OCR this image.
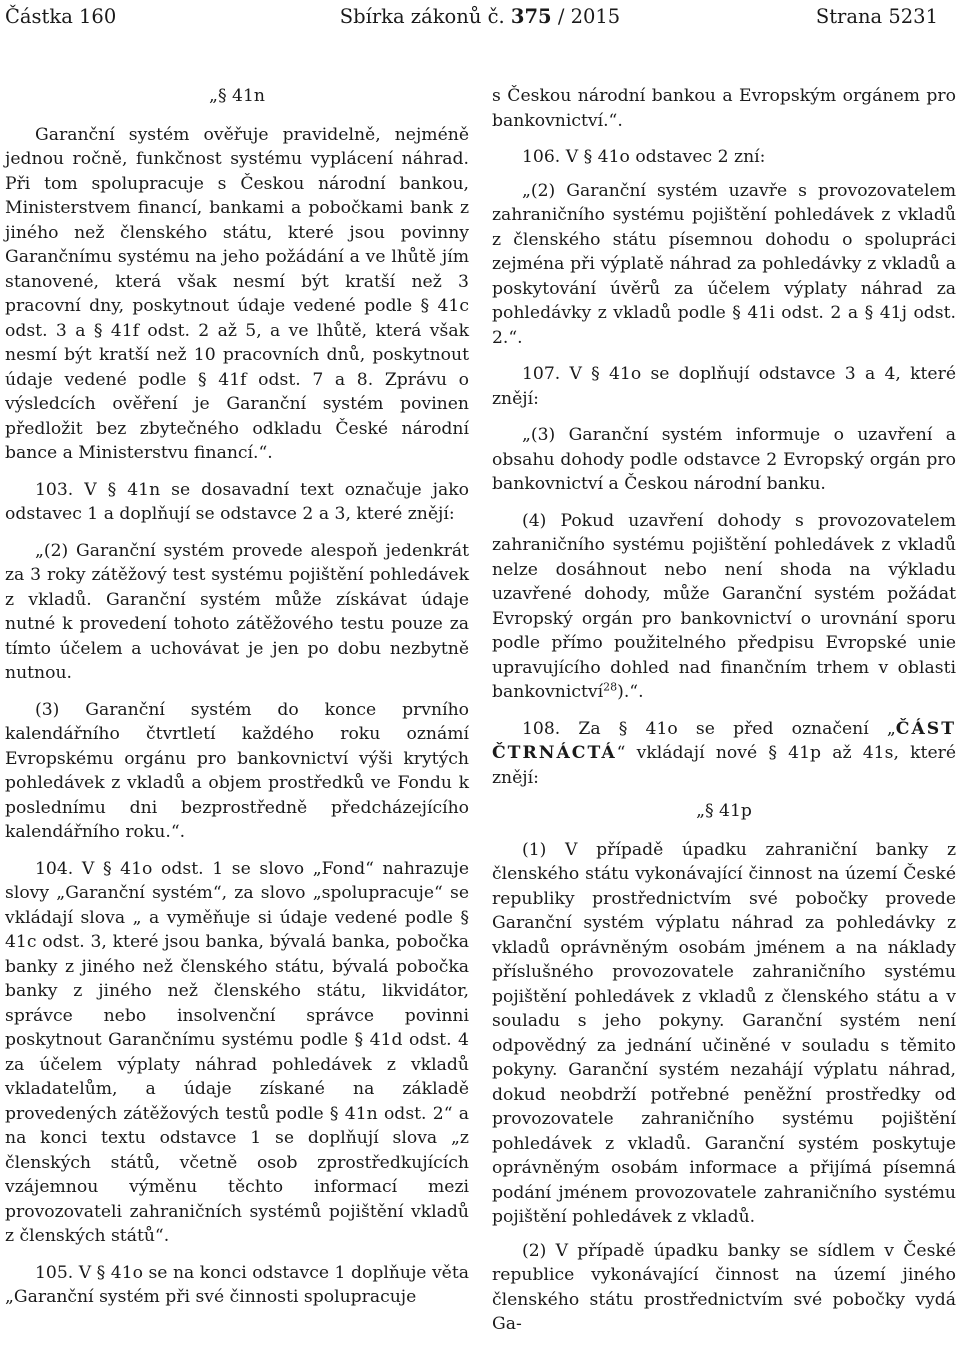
Částka 160	Sbírka zákonů č. 375 / 2015	Strana 5231

„§ 41n

Garanční systém ověřuje pravidelně, nejméně jednou ročně, funkčnost systému vyplácení náhrad. Při tom spolupracuje s Českou národní bankou, Ministerstvem financí, bankami a pobočkami bank z jiného než členského státu, které jsou povinny Garančnímu systému na jeho požádání a ve lhůtě jím stanovené, která však nesmí být kratší než 3 pracovní dny, poskytnout údaje vedené podle § 41c odst. 3 a § 41f odst. 2 až 5, a ve lhůtě, která však nesmí být kratší než 10 pracovních dnů, poskytnout údaje vedené podle § 41f odst. 7 a 8. Zprávu o výsledcích ověření je Garanční systém povinen předložit bez zbytečného odkladu České národní bance a Ministerstvu financí.“.

103. V § 41n se dosavadní text označuje jako odstavec 1 a doplňují se odstavce 2 a 3, které znějí:

„(2) Garanční systém provede alespoň jedenkrát za 3 roky zátěžový test systému pojištění pohledávek z vkladů. Garanční systém může získávat údaje nutné k provedení tohoto zátěžového testu pouze za tímto účelem a uchovávat je jen po dobu nezbytně nutnou.

(3) Garanční systém do konce prvního kalendářního čtvrtletí každého roku oznámí Evropskému orgánu pro bankovnictví výši krytých pohledávek z vkladů a objem prostředků ve Fondu k poslednímu dni bezprostředně předcházejícího kalendářního roku.“.

104. V § 41o odst. 1 se slovo „Fond“ nahrazuje slovy „Garanční systém“, za slovo „spolupracuje“ se vkládají slova „ a vyměňuje si údaje vedené podle § 41c odst. 3, které jsou banka, bývalá banka, pobočka banky z jiného než členského státu, bývalá pobočka banky z jiného než členského státu, likvidátor, správce nebo insolvenční správce povinni poskytnout Garančnímu systému podle § 41d odst. 4 za účelem výplaty náhrad pohledávek z vkladů vkladatelům, a údaje získané na základě provedených zátěžových testů podle § 41n odst. 2“ a na konci textu odstavce 1 se doplňují slova „z členských států, včetně osob zprostředkujících vzájemnou výměnu těchto informací mezi provozovateli zahraničních systémů pojištění vkladů z členských států“.

105. V § 41o se na konci odstavce 1 doplňuje věta „Garanční systém při své činnosti spolupracuje

s Českou národní bankou a Evropským orgánem pro bankovnictví.“.

106. V § 41o odstavec 2 zní:

„(2) Garanční systém uzavře s provozovatelem zahraničního systému pojištění pohledávek z vkladů z členského státu písemnou dohodu o spolupráci zejména při výplatě náhrad za pohledávky z vkladů a poskytování úvěrů za účelem výplaty náhrad za pohledávky z vkladů podle § 41i odst. 2 a § 41j odst. 2.“.

107. V § 41o se doplňují odstavce 3 a 4, které znějí:

„(3) Garanční systém informuje o uzavření a obsahu dohody podle odstavce 2 Evropský orgán pro bankovnictví a Českou národní banku.

(4) Pokud uzavření dohody s provozovatelem zahraničního systému pojištění pohledávek z vkladů nelze dosáhnout nebo není shoda na výkladu uzavřené dohody, může Garanční systém požádat Evropský orgán pro bankovnictví o urovnání sporu podle přímo použitelného předpisu Evropské unie upravujícího dohled nad finančním trhem v oblasti bankovnictví$^{28}$).“.

108. Za § 41o se před označení „ČÁST ČTRNÁCTÁ“ vkládají nové § 41p až 41s, které znějí:

„§ 41p

(1) V případě úpadku zahraniční banky z členského státu vykonávající činnost na území České republiky prostřednictvím své pobočky provede Garanční systém výplatu náhrad za pohledávky z vkladů oprávněným osobám jménem a na náklady příslušného provozovatele zahraničního systému pojištění pohledávek z vkladů z členského státu a v souladu s jeho pokyny. Garanční systém není odpovědný za jednání učiněné v souladu s těmito pokyny. Garanční systém nezahájí výplatu náhrad, dokud neobdrží potřebné peněžní prostředky od provozovatele zahraničního systému pojištění pohledávek z vkladů. Garanční systém poskytuje oprávněným osobám informace a přijímá písemná podání jménem provozovatele zahraničního systému pojištění pohledávek z vkladů.

(2) V případě úpadku banky se sídlem v České republice vykonávající činnost na území jiného členského státu prostřednictvím své pobočky vydá Ga-
